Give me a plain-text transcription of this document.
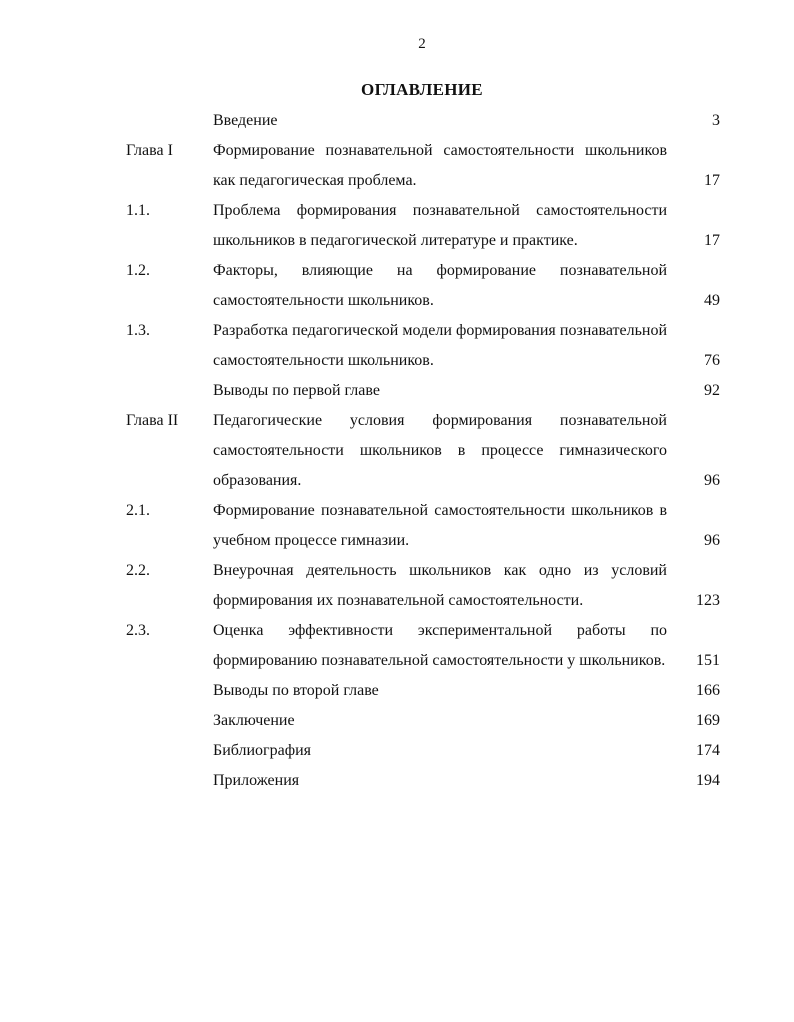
2
ОГЛАВЛЕНИЕ
Введение	3
Глава I	Формирование познавательной самостоятельности школьников как педагогическая проблема.	17
1.1.	Проблема формирования познавательной самостоятельности школьников в педагогической литературе и практике.	17
1.2.	Факторы, влияющие на формирование познавательной самостоятельности школьников.	49
1.3.	Разработка педагогической модели формирования познавательной самостоятельности школьников.	76
Выводы по первой главе	92
Глава II	Педагогические условия формирования познавательной самостоятельности школьников в процессе гимназического образования.	96
2.1.	Формирование познавательной самостоятельности школьников в учебном процессе гимназии.	96
2.2.	Внеурочная деятельность школьников как одно из условий формирования их познавательной самостоятельности.	123
2.3.	Оценка эффективности экспериментальной работы по формированию познавательной самостоятельности у школьников. 151
Выводы по второй главе	166
Заключение	169
Библиография	174
Приложения	194
